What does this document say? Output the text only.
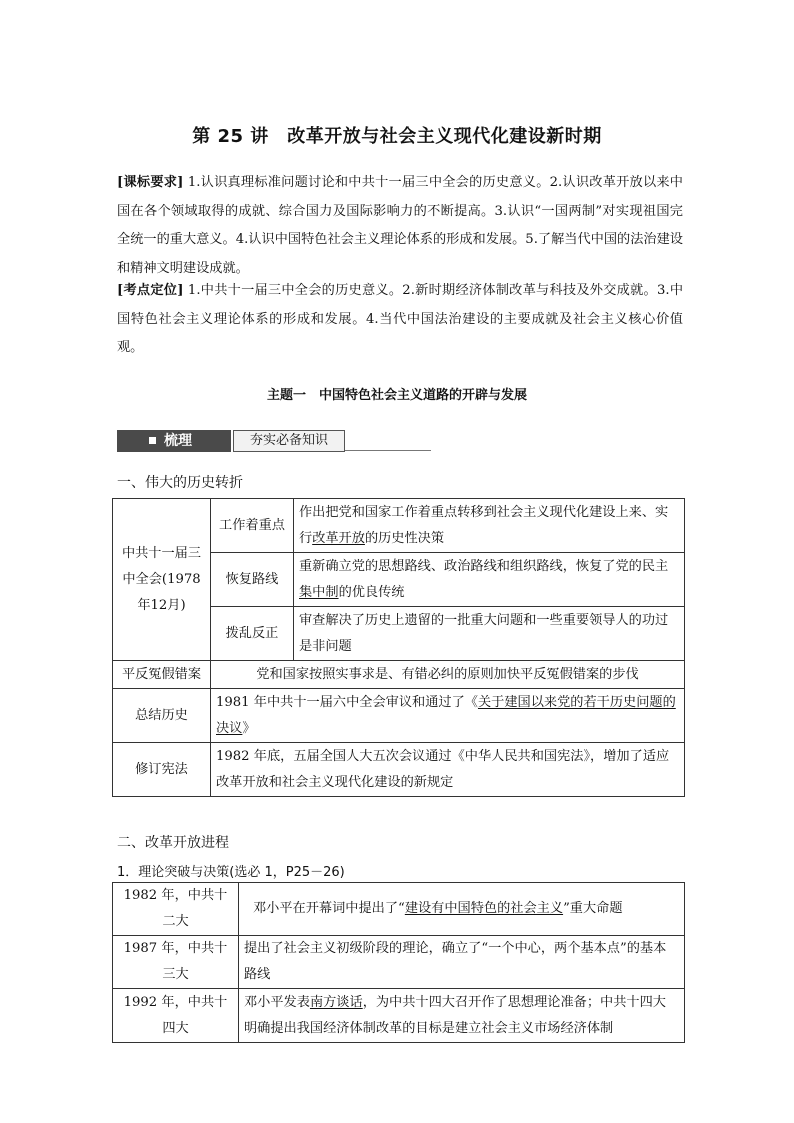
第 25 讲　改革开放与社会主义现代化建设新时期
[课标要求] 1.认识真理标准问题讨论和中共十一届三中全会的历史意义。2.认识改革开放以来中国在各个领域取得的成就、综合国力及国际影响力的不断提高。3.认识“一国两制”对实现祖国完全统一的重大意义。4.认识中国特色社会主义理论体系的形成和发展。5.了解当代中国的法治建设和精神文明建设成就。
[考点定位] 1.中共十一届三中全会的历史意义。2.新时期经济体制改革与科技及外交成就。3.中国特色社会主义理论体系的形成和发展。4.当代中国法治建设的主要成就及社会主义核心价值观。
主题一　中国特色社会主义道路的开辟与发展
梳理	夯实必备知识
一、伟大的历史转折
中共十一届三中全会(1978年12月)	工作着重点	作出把党和国家工作着重点转移到社会主义现代化建设上来、实行改革开放的历史性决策
	恢复路线	重新确立党的思想路线、政治路线和组织路线，恢复了党的民主集中制的优良传统
	拨乱反正	审查解决了历史上遗留的一批重大问题和一些重要领导人的功过是非问题
平反冤假错案	党和国家按照实事求是、有错必纠的原则加快平反冤假错案的步伐	
总结历史	1981 年中共十一届六中全会审议和通过了《关于建国以来党的若干历史问题的决议》	
修订宪法	1982 年底，五届全国人大五次会议通过《中华人民共和国宪法》，增加了适应改革开放和社会主义现代化建设的新规定	
二、改革开放进程
1．理论突破与决策(选必 1，P25－26)
1982 年，中共十二大	邓小平在开幕词中提出了“建设有中国特色的社会主义”重大命题
1987 年，中共十三大	提出了社会主义初级阶段的理论，确立了“一个中心，两个基本点”的基本路线
1992 年，中共十四大	邓小平发表南方谈话，为中共十四大召开作了思想理论准备；中共十四大明确提出我国经济体制改革的目标是建立社会主义市场经济体制
